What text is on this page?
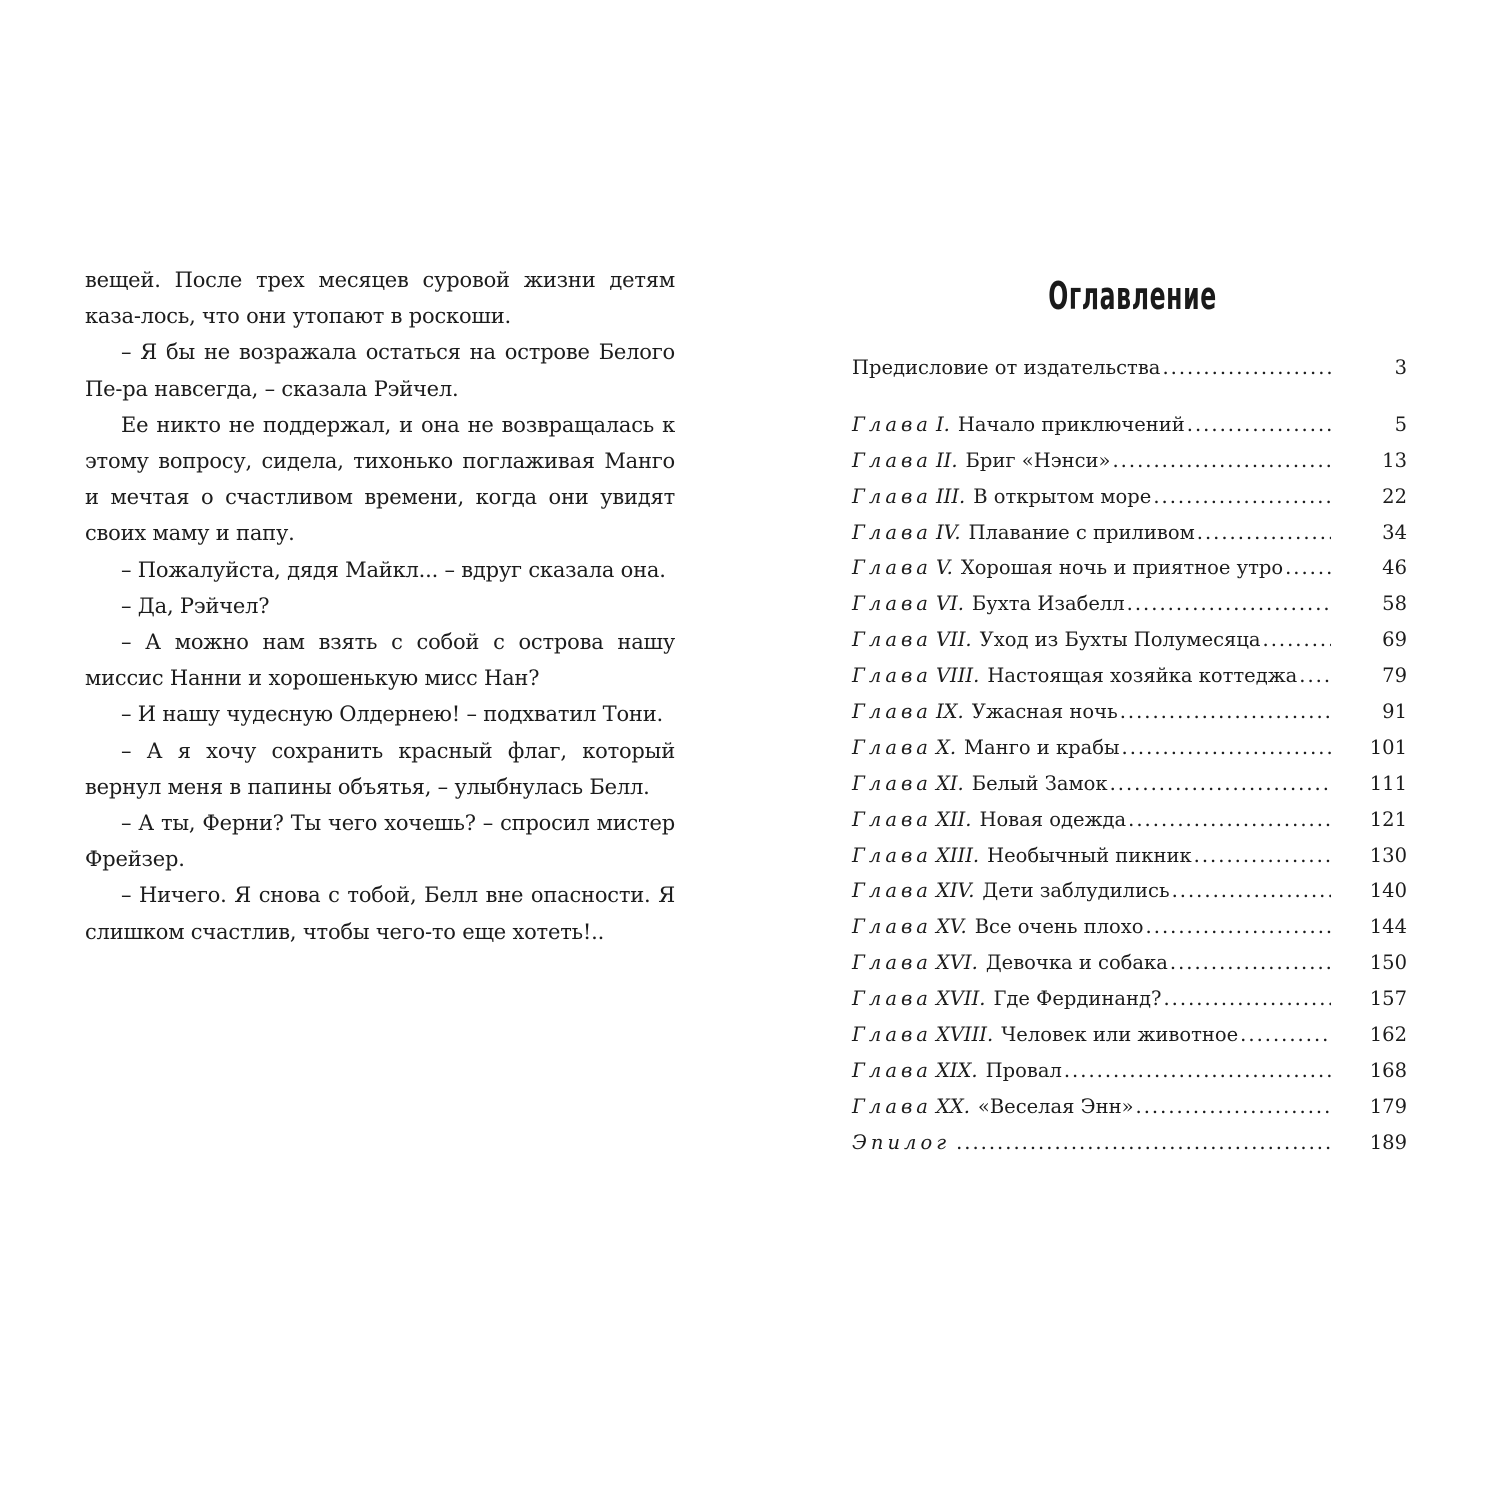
вещей. После трех месяцев суровой жизни детям каза-лось, что они утопают в роскоши.

– Я бы не возражала остаться на острове Белого Пе-ра навсегда, – сказала Рэйчел.

Ее никто не поддержал, и она не возвращалась к этому вопросу, сидела, тихонько поглаживая Манго и мечтая о счастливом времени, когда они увидят своих маму и папу.

– Пожалуйста, дядя Майкл... – вдруг сказала она.

– Да, Рэйчел?

– А можно нам взять с собой с острова нашу миссис Нанни и хорошенькую мисс Нан?

– И нашу чудесную Олдернею! – подхватил Тони.

– А я хочу сохранить красный флаг, который вернул меня в папины объятья, – улыбнулась Белл.

– А ты, Ферни? Ты чего хочешь? – спросил мистер Фрейзер.

– Ничего. Я снова с тобой, Белл вне опасности. Я слишком счастлив, чтобы чего-то еще хотеть!..

Оглавление
Предисловие от издательства .....	3
Глава I. Начало приключений .....	5
Глава II. Бриг «Нэнси» .....	13
Глава III. В открытом море .....	22
Глава IV. Плавание с приливом .....	34
Глава V. Хорошая ночь и приятное утро .....	46
Глава VI. Бухта Изабелл .....	58
Глава VII. Уход из Бухты Полумесяца .....	69
Глава VIII. Настоящая хозяйка коттеджа .....	79
Глава IX. Ужасная ночь .....	91
Глава X. Манго и крабы .....	101
Глава XI. Белый Замок .....	111
Глава XII. Новая одежда .....	121
Глава XIII. Необычный пикник .....	130
Глава XIV. Дети заблудились .....	140
Глава XV. Все очень плохо .....	144
Глава XVI. Девочка и собака .....	150
Глава XVII. Где Фердинанд? .....	157
Глава XVIII. Человек или животное .....	162
Глава XIX. Провал .....	168
Глава XX. «Веселая Энн» .....	179
Эпилог .....	189
